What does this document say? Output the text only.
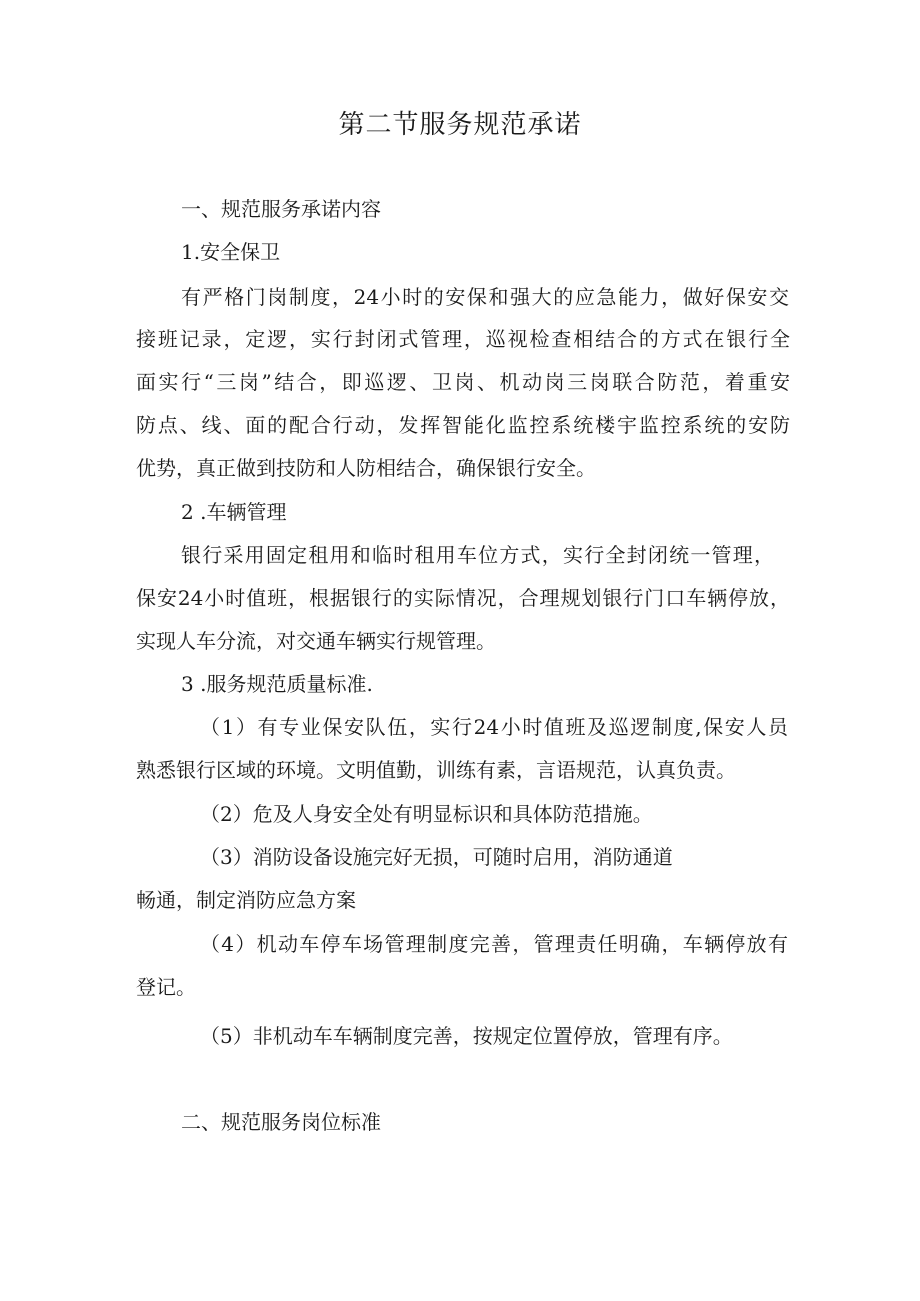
第二节服务规范承诺

一、规范服务承诺内容

1.安全保卫

有严格门岗制度，24小时的安保和强大的应急能力，做好保安交

接班记录，定逻，实行封闭式管理，巡视检查相结合的方式在银行全

面实行“三岗”结合，即巡逻、卫岗、机动岗三岗联合防范，着重安

防点、线、面的配合行动，发挥智能化监控系统楼宇监控系统的安防

优势，真正做到技防和人防相结合，确保银行安全。

2 .车辆管理

银行采用固定租用和临时租用车位方式，实行全封闭统一管理，

保安24小时值班，根据银行的实际情况，合理规划银行门口车辆停放，

实现人车分流，对交通车辆实行规管理。

3 .服务规范质量标准.

（1）有专业保安队伍，实行24小时值班及巡逻制度,保安人员

熟悉银行区域的环境。文明值勤，训练有素，言语规范，认真负责。

（2）危及人身安全处有明显标识和具体防范措施。

（3）消防设备设施完好无损，可随时启用，消防通道

畅通，制定消防应急方案

（4）机动车停车场管理制度完善，管理责任明确，车辆停放有

登记。

（5）非机动车车辆制度完善，按规定位置停放，管理有序。

二、规范服务岗位标准
